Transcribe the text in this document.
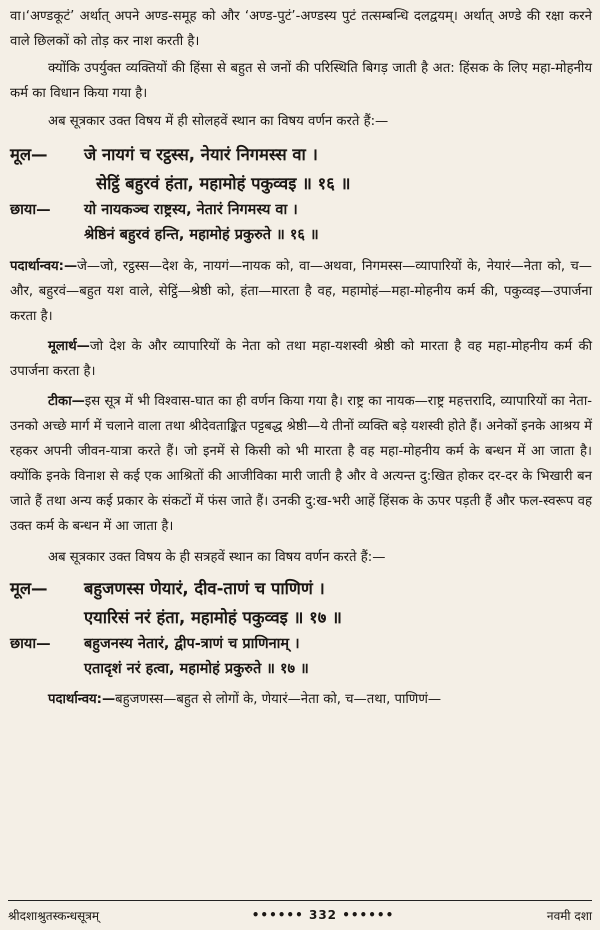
वा।‘अण्डकूटं’ अर्थात् अपने अण्ड-समूह को और ‘अण्ड-पुटं’-अण्डस्य पुटं तत्सम्बन्धि दलद्वयम्। अर्थात् अण्डे की रक्षा करने वाले छिलकों को तोड़ कर नाश करती है।

क्योंकि उपर्युक्त व्यक्तियों की हिंसा से बहुत से जनों की परिस्थिति बिगड़ जाती है अत: हिंसक के लिए महा-मोहनीय कर्म का विधान किया गया है।

अब सूत्रकार उक्त विषय में ही सोलहवें स्थान का विषय वर्णन करते हैं:—

मूल—	जे नायगं च रट्ठस्स, नेयारं निगमस्स वा ।
सेट्ठिं बहुरवं हंता, महामोहं पकुव्वइ ॥ १६ ॥
छाया—	यो नायकञ्च राष्ट्रस्य, नेतारं निगमस्य वा ।
श्रेष्ठिनं बहुरवं हन्ति, महामोहं प्रकुरुते ॥ १६ ॥

पदार्थान्वय:—जे—जो, रट्ठस्स—देश के, नायगं—नायक को, वा—अथवा, निगमस्स—व्यापारियों के, नेयारं—नेता को, च—और, बहुरवं—बहुत यश वाले, सेट्ठिं—श्रेष्ठी को, हंता—मारता है वह, महामोहं—महा-मोहनीय कर्म की, पकुव्वइ—उपार्जना करता है।

मूलार्थ—जो देश के और व्यापारियों के नेता को तथा महा-यशस्वी श्रेष्ठी को मारता है वह महा-मोहनीय कर्म की उपार्जना करता है।

टीका—इस सूत्र में भी विश्वास-घात का ही वर्णन किया गया है। राष्ट्र का नायक—राष्ट्र महत्तरादि, व्यापारियों का नेता-उनको अच्छे मार्ग में चलाने वाला तथा श्रीदेवताङ्कित पट्टबद्ध श्रेष्ठी—ये तीनों व्यक्ति बड़े यशस्वी होते हैं। अनेकों इनके आश्रय में रहकर अपनी जीवन-यात्रा करते हैं। जो इनमें से किसी को भी मारता है वह महा-मोहनीय कर्म के बन्धन में आ जाता है। क्योंकि इनके विनाश से कई एक आश्रितों की आजीविका मारी जाती है और वे अत्यन्त दु:खित होकर दर-दर के भिखारी बन जाते हैं तथा अन्य कई प्रकार के संकटों में फंस जाते हैं। उनकी दु:ख-भरी आहें हिंसक के ऊपर पड़ती हैं और फल-स्वरूप वह उक्त कर्म के बन्धन में आ जाता है।

अब सूत्रकार उक्त विषय के ही सत्रहवें स्थान का विषय वर्णन करते हैं:—

मूल—	बहुजणस्स णेयारं, दीव-ताणं च पाणिणं ।
एयारिसं नरं हंता, महामोहं पकुव्वइ ॥ १७ ॥
छाया—	बहुजनस्य नेतारं, द्वीप-त्राणं च प्राणिनाम् ।
एतादृशं नरं हत्वा, महामोहं प्रकुरुते ॥ १७ ॥

पदार्थान्वय:—बहुजणस्स—बहुत से लोगों के, णेयारं—नेता को, च—तथा, पाणिणं—

श्रीदशाश्रुतस्कन्धसूत्रम्	•••••• 332 ••••••	नवमी दशा
